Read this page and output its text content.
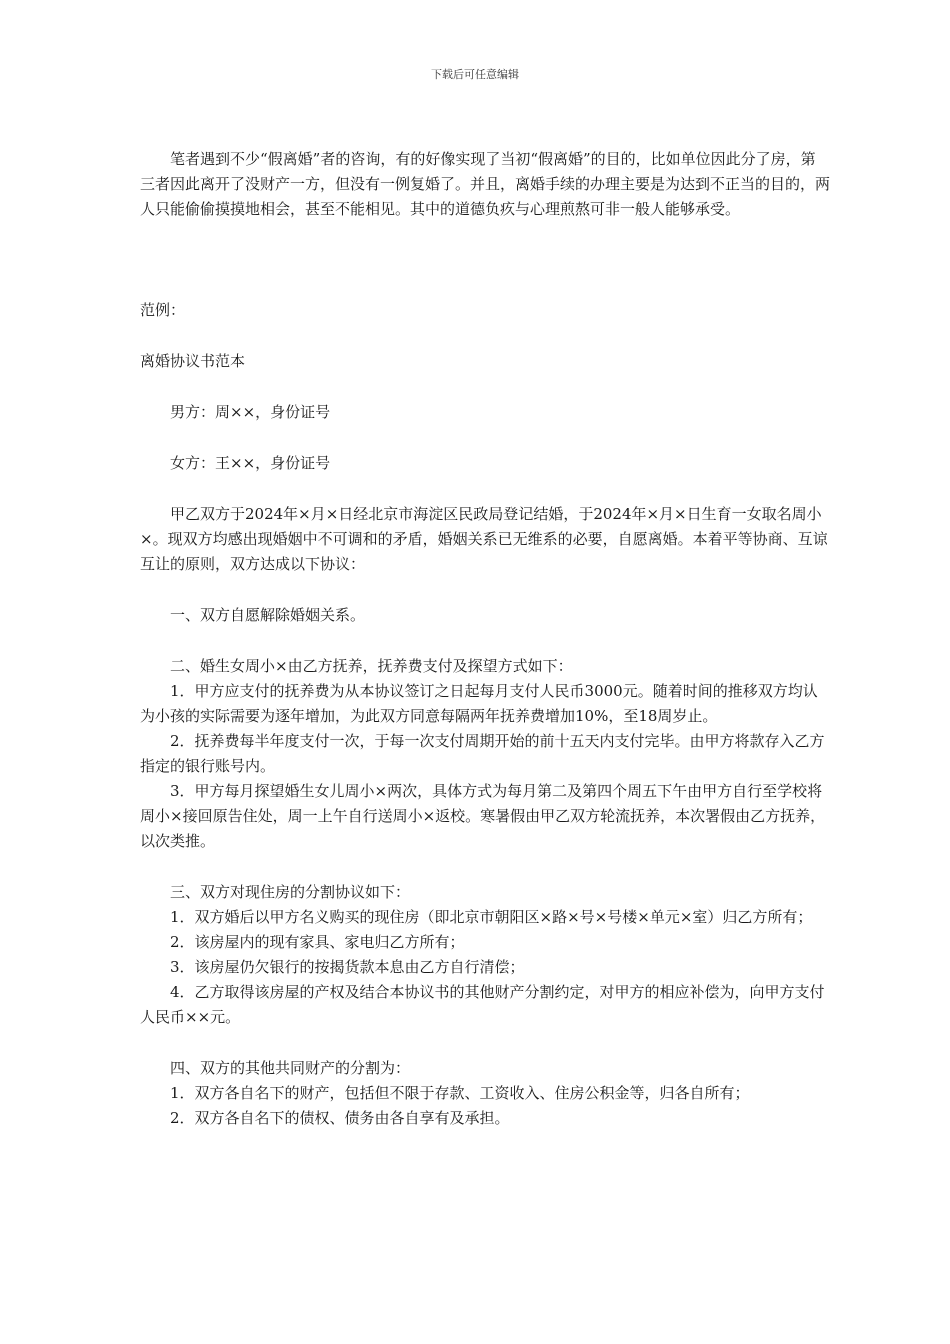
下载后可任意编辑

笔者遇到不少“假离婚”者的咨询，有的好像实现了当初“假离婚”的目的，比如单位因此分了房，第三者因此离开了没财产一方，但没有一例复婚了。并且，离婚手续的办理主要是为达到不正当的目的，两人只能偷偷摸摸地相会，甚至不能相见。其中的道德负疚与心理煎熬可非一般人能够承受。

范例：

离婚协议书范本

男方：周××，身份证号

女方：王××，身份证号

甲乙双方于2024年×月×日经北京市海淀区民政局登记结婚，于2024年×月×日生育一女取名周小×。现双方均感出现婚姻中不可调和的矛盾，婚姻关系已无维系的必要，自愿离婚。本着平等协商、互谅互让的原则，双方达成以下协议：

一、双方自愿解除婚姻关系。

二、婚生女周小×由乙方抚养，抚养费支付及探望方式如下：

1．甲方应支付的抚养费为从本协议签订之日起每月支付人民币3000元。随着时间的推移双方均认为小孩的实际需要为逐年增加，为此双方同意每隔两年抚养费增加10%，至18周岁止。

2．抚养费每半年度支付一次，于每一次支付周期开始的前十五天内支付完毕。由甲方将款存入乙方指定的银行账号内。

3．甲方每月探望婚生女儿周小×两次，具体方式为每月第二及第四个周五下午由甲方自行至学校将周小×接回原告住处，周一上午自行送周小×返校。寒暑假由甲乙双方轮流抚养，本次署假由乙方抚养，以次类推。

三、双方对现住房的分割协议如下：

1．双方婚后以甲方名义购买的现住房（即北京市朝阳区×路×号×号楼×单元×室）归乙方所有；

2．该房屋内的现有家具、家电归乙方所有；

3．该房屋仍欠银行的按揭货款本息由乙方自行清偿；

4．乙方取得该房屋的产权及结合本协议书的其他财产分割约定，对甲方的相应补偿为，向甲方支付人民币××元。

四、双方的其他共同财产的分割为：

1．双方各自名下的财产，包括但不限于存款、工资收入、住房公积金等，归各自所有；

2．双方各自名下的债权、债务由各自享有及承担。
